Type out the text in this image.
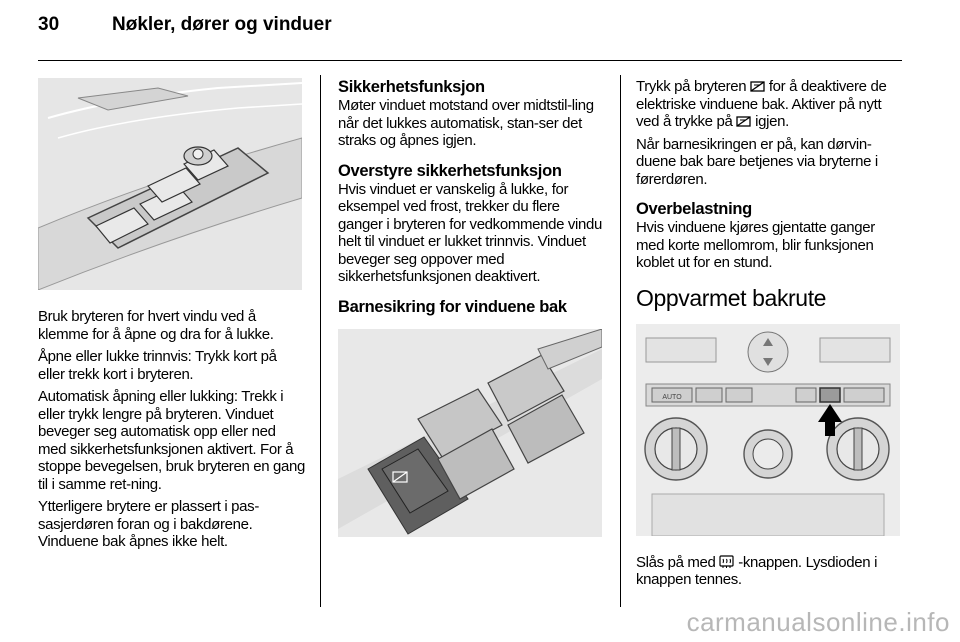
30	Nøkler, dører og vinduer

Bruk bryteren for hvert vindu ved å klemme for å åpne og dra for å lukke.

Åpne eller lukke trinnvis: Trykk kort på eller trekk kort i bryteren.

Automatisk åpning eller lukking: Trekk i eller trykk lengre på bryteren. Vinduet beveger seg automatisk opp eller ned med sikkerhetsfunksjonen aktivert. For å stoppe bevegelsen, bruk bryteren en gang til i samme ret-ning.

Ytterligere brytere er plassert i pas-sasjerdøren foran og i bakdørene. Vinduene bak åpnes ikke helt.

Sikkerhetsfunksjon

Møter vinduet motstand over midtstil-ling når det lukkes automatisk, stan-ser det straks og åpnes igjen.

Overstyre sikkerhetsfunksjon

Hvis vinduet er vanskelig å lukke, for eksempel ved frost, trekker du flere ganger i bryteren for vedkommende vindu helt til vinduet er lukket trinnvis. Vinduet beveger seg oppover med sikkerhetsfunksjonen deaktivert.

Barnesikring for vinduene bak

Trykk på bryteren for å deaktivere de elektriske vinduene bak. Aktiver på nytt ved å trykke på igjen.

Når barnesikringen er på, kan dørvin-duene bak bare betjenes via bryterne i førerdøren.

Overbelastning

Hvis vinduene kjøres gjentatte ganger med korte mellomrom, blir funksjonen koblet ut for en stund.

Oppvarmet bakrute
AUTO

Slås på med -knappen. Lysdioden i knappen tennes.

carmanualsonline.info
